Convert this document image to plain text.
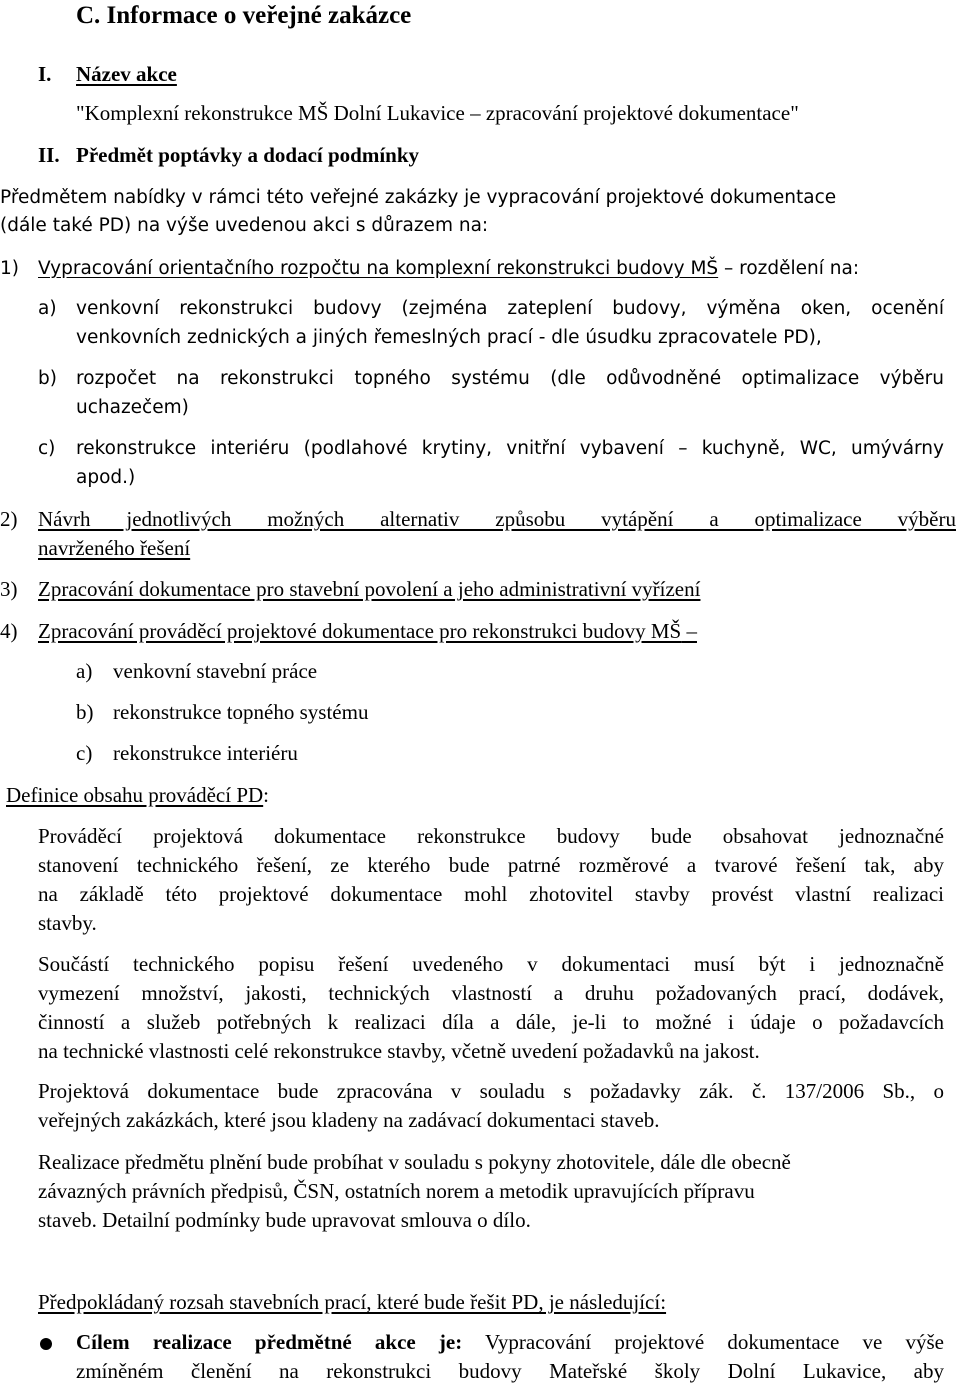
C. Informace o veřejné zakázce
I. Název akce
"Komplexní rekonstrukce MŠ Dolní Lukavice – zpracování projektové dokumentace"
II. Předmět poptávky a dodací podmínky
Předmětem nabídky v rámci této veřejné zakázky je vypracování projektové dokumentace
(dále také PD) na výše uvedenou akci s důrazem na:
1) Vypracování orientačního rozpočtu na komplexní rekonstrukci budovy MŠ – rozdělení na:
a) venkovní rekonstrukci budovy (zejména zateplení budovy, výměna oken, ocenění
venkovních zednických a jiných řemeslných prací - dle úsudku zpracovatele PD),
b) rozpočet na rekonstrukci topného systému (dle odůvodněné optimalizace výběru
uchazečem)
c) rekonstrukce interiéru (podlahové krytiny, vnitřní vybavení – kuchyně, WC, umývárny
apod.)
2) Návrh jednotlivých možných alternativ způsobu vytápění a optimalizace výběru
navrženého řešení
3) Zpracování dokumentace pro stavební povolení a jeho administrativní vyřízení
4) Zpracování prováděcí projektové dokumentace pro rekonstrukci budovy MŠ –
a) venkovní stavební práce
b) rekonstrukce topného systému
c) rekonstrukce interiéru
Definice obsahu prováděcí PD:
Prováděcí projektová dokumentace rekonstrukce budovy bude obsahovat jednoznačné
stanovení technického řešení, ze kterého bude patrné rozměrové a tvarové řešení tak, aby
na základě této projektové dokumentace mohl zhotovitel stavby provést vlastní realizaci
stavby.
Součástí technického popisu řešení uvedeného v dokumentaci musí být i jednoznačně
vymezení množství, jakosti, technických vlastností a druhu požadovaných prací, dodávek,
činností a služeb potřebných k realizaci díla a dále, je-li to možné i údaje o požadavcích
na technické vlastnosti celé rekonstrukce stavby, včetně uvedení požadavků na jakost.
Projektová dokumentace bude zpracována v souladu s požadavky zák. č. 137/2006 Sb., o
veřejných zakázkách, které jsou kladeny na zadávací dokumentaci staveb.
Realizace předmětu plnění bude probíhat v souladu s pokyny zhotovitele, dále dle obecně
závazných právních předpisů, ČSN, ostatních norem a metodik upravujících přípravu
staveb. Detailní podmínky bude upravovat smlouva o dílo.
Předpokládaný rozsah stavebních prací, které bude řešit PD, je následující:
Cílem realizace předmětné akce je: Vypracování projektové dokumentace ve výše
zmíněném členění na rekonstrukci budovy Mateřské školy Dolní Lukavice, aby
